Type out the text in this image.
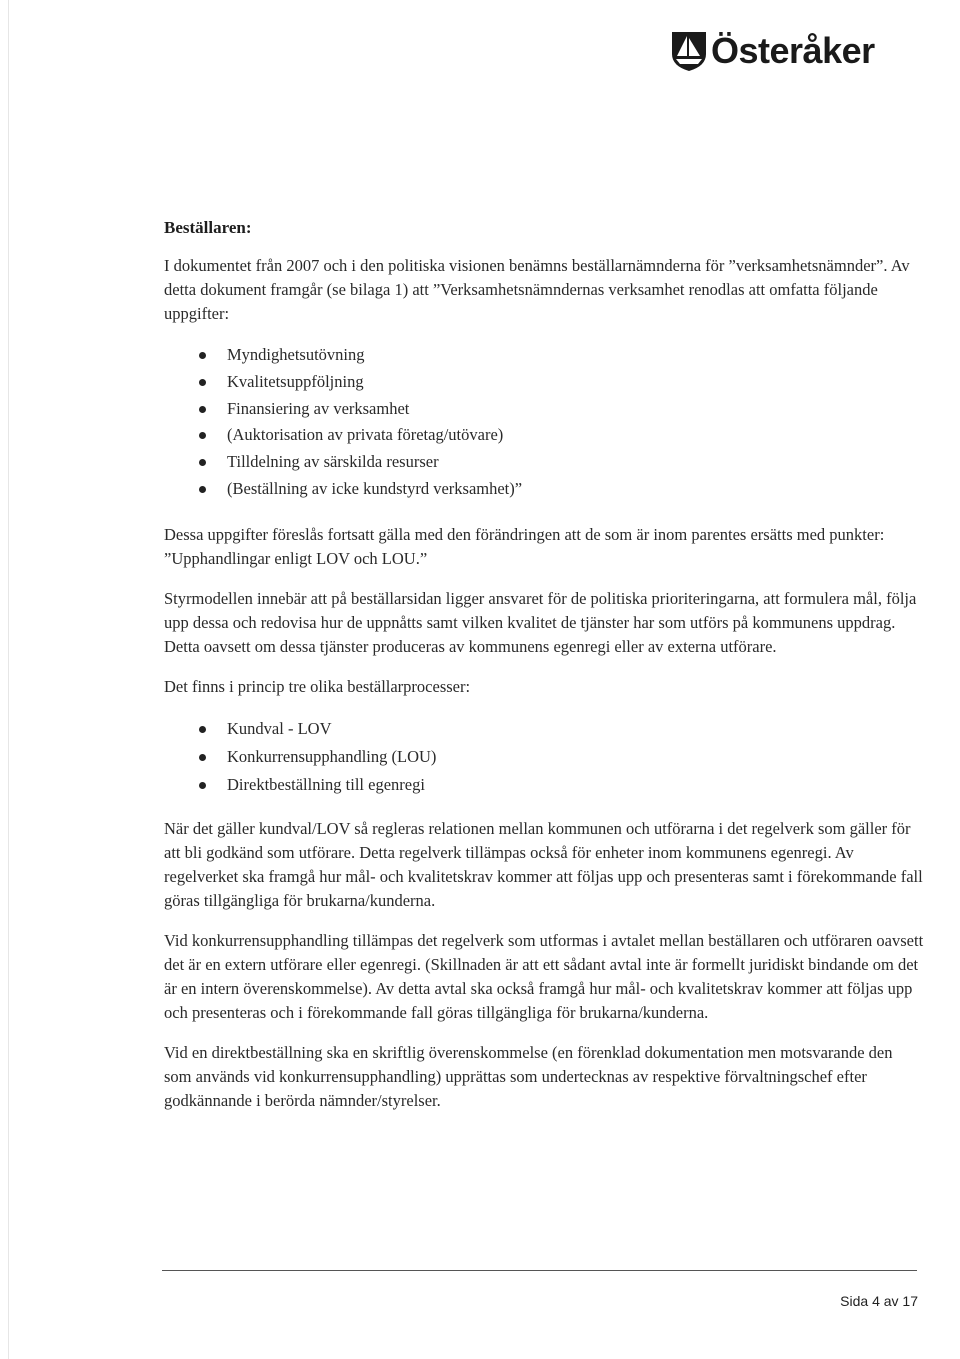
Österåker
Beställaren:

I dokumentet från 2007 och i den politiska visionen benämns beställarnämnderna för ”verksamhetsnämnder”. Av detta dokument framgår (se bilaga 1) att ”Verksamhetsnämndernas verksamhet renodlas att omfatta följande uppgifter:

Myndighetsutövning
Kvalitetsuppföljning
Finansiering av verksamhet
(Auktorisation av privata företag/utövare)
Tilldelning av särskilda resurser
(Beställning av icke kundstyrd verksamhet)”

Dessa uppgifter föreslås fortsatt gälla med den förändringen att de som är inom parentes ersätts med punkter: ”Upphandlingar enligt LOV och LOU.”

Styrmodellen innebär att på beställarsidan ligger ansvaret för de politiska prioriteringarna, att formulera mål, följa upp dessa och redovisa hur de uppnåtts samt vilken kvalitet de tjänster har som utförs på kommunens uppdrag. Detta oavsett om dessa tjänster produceras av kommunens egenregi eller av externa utförare.

Det finns i princip tre olika beställarprocesser:

Kundval - LOV
Konkurrensupphandling (LOU)
Direktbeställning till egenregi

När det gäller kundval/LOV så regleras relationen mellan kommunen och utförarna i det regelverk som gäller för att bli godkänd som utförare. Detta regelverk tillämpas också för enheter inom kommunens egenregi. Av regelverket ska framgå hur mål- och kvalitetskrav kommer att följas upp och presenteras samt i förekommande fall göras tillgängliga för brukarna/kunderna.

Vid konkurrensupphandling tillämpas det regelverk som utformas i avtalet mellan beställaren och utföraren oavsett det är en extern utförare eller egenregi. (Skillnaden är att ett sådant avtal inte är formellt juridiskt bindande om det är en intern överenskommelse). Av detta avtal ska också framgå hur mål- och kvalitetskrav kommer att följas upp och presenteras och i förekommande fall göras tillgängliga för brukarna/kunderna.

Vid en direktbeställning ska en skriftlig överenskommelse (en förenklad dokumentation men motsvarande den som används vid konkurrensupphandling) upprättas som undertecknas av respektive förvaltningschef efter godkännande i berörda nämnder/styrelser.

Sida 4 av 17
